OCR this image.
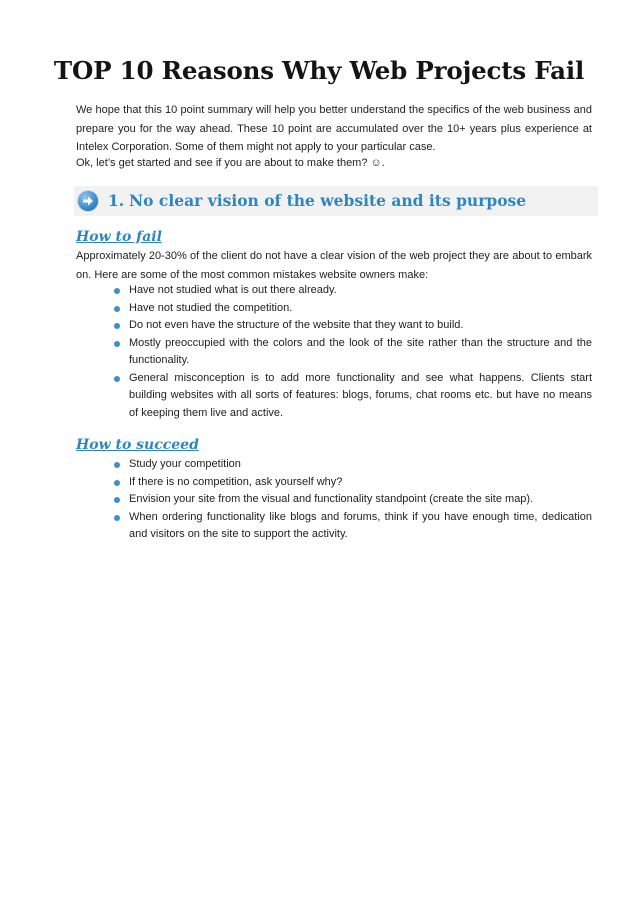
TOP 10 Reasons Why Web Projects Fail

We hope that this 10 point summary will help you better understand the specifics of the web business and prepare you for the way ahead. These 10 point are accumulated over the 10+ years plus experience at Intelex Corporation. Some of them might not apply to your particular case.

Ok, let’s get started and see if you are about to make them? ☺.

1. No clear vision of the website and its purpose
How to fail

Approximately 20-30% of the client do not have a clear vision of the web project they are about to embark on. Here are some of the most common mistakes website owners make:

Have not studied what is out there already.
Have not studied the competition.
Do not even have the structure of the website that they want to build.
Mostly preoccupied with the colors and the look of the site rather than the structure and the functionality.
General misconception is to add more functionality and see what happens. Clients start building websites with all sorts of features: blogs, forums, chat rooms etc. but have no means of keeping them live and active.
How to succeed
Study your competition
If there is no competition, ask yourself why?
Envision your site from the visual and functionality standpoint (create the site map).
When ordering functionality like blogs and forums, think if you have enough time, dedication and visitors on the site to support the activity.
